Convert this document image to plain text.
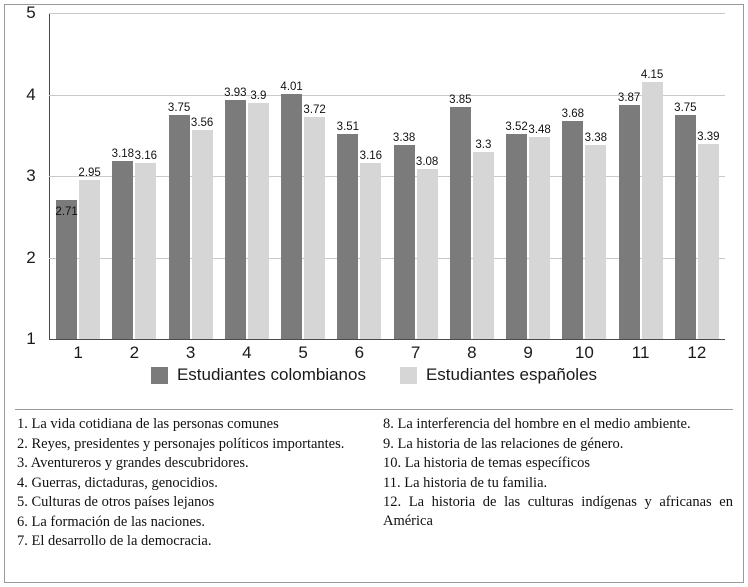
1
2
3
4
5
2.71
2.95
3.18 3.16
3.75
3.56
3.93 3.9
4.01
3.72
3.51
3.16
3.38
3.08
3.85
3.3
3.52 3.48
3.68
3.38
3.87
4.15
3.75
3.39
1	2	3	4	5	6	7	8	9	10	11	12
Estudiantes colombianos	Estudiantes españoles

1. La vida cotidiana de las personas comunes

2. Reyes, presidentes y personajes políticos importantes.

3. Aventureros y grandes descubridores.

4. Guerras, dictaduras, genocidios.

5. Culturas de otros países lejanos

6. La formación de las naciones.

7. El desarrollo de la democracia.

8. La interferencia del hombre en el medio ambiente.

9. La historia de las relaciones de género.

10. La historia de temas específicos

11. La historia de tu familia.

12. La historia de las culturas indígenas y africanas en América
